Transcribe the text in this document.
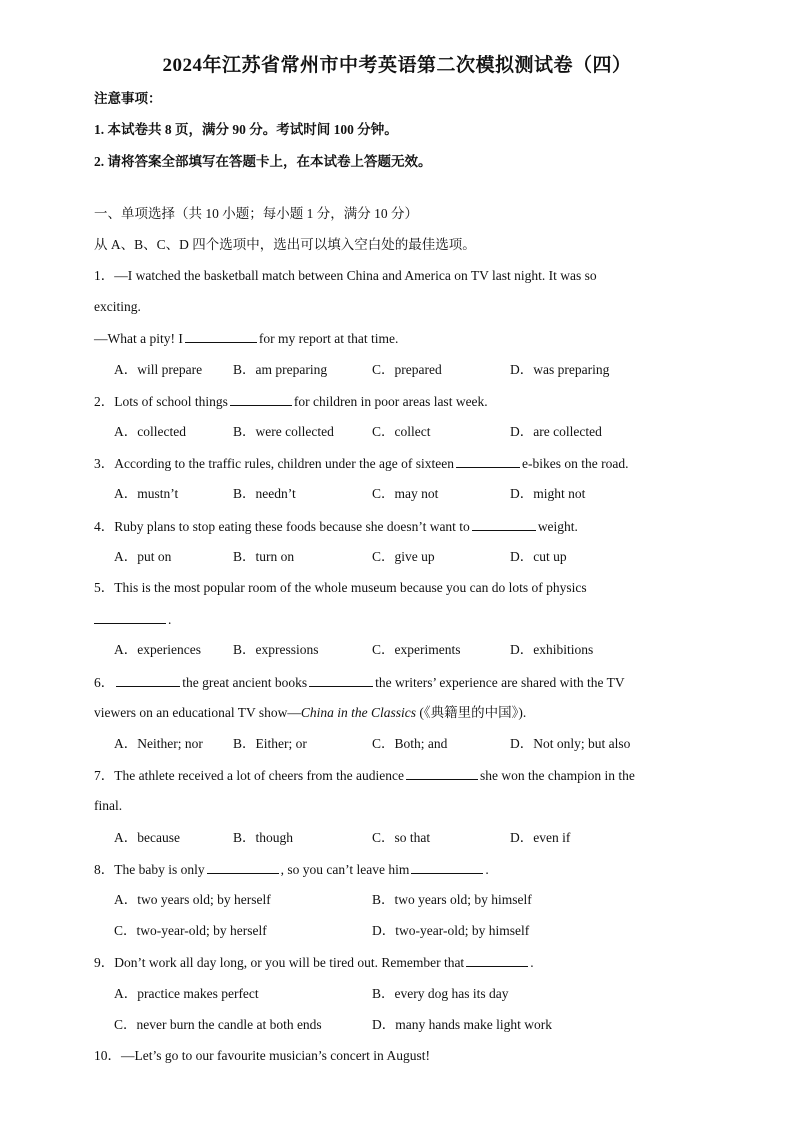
2024年江苏省常州市中考英语第二次模拟测试卷（四）
注意事项：
1. 本试卷共 8 页，满分 90 分。考试时间 100 分钟。
2. 请将答案全部填写在答题卡上，在本试卷上答题无效。
一、单项选择（共 10 小题；每小题 1 分，满分 10 分）
从 A、B、C、D 四个选项中，选出可以填入空白处的最佳选项。
1．—I watched the basketball match between China and America on TV last night. It was so
exciting.
—What a pity! I	for my report at that time.
A．will prepare B．am preparing	C．prepared	D．was preparing
2．Lots of school things	for children in poor areas last week.
A．collected	B．were collected	C．collect	D．are collected
3．According to the traffic rules, children under the age of sixteen	e-bikes on the road.
A．mustn’t	B．needn’t	C．may not	D．might not
4．Ruby plans to stop eating these foods because she doesn’t want to	weight.
A．put on	B．turn on	C．give up	D．cut up
5．This is the most popular room of the whole museum because you can do lots of physics
.
A．experiences B．expressions	C．experiments	D．exhibitions
6．	the great ancient books	the writers’ experience are shared with the TV
viewers on an educational TV show—China in the Classics (《典籍里的中国》).
A．Neither; nor B．Either; or	C．Both; and	D．Not only; but also
7．The athlete received a lot of cheers from the audience	she won the champion in the
final.
A．because	B．though	C．so that	D．even if
8．The baby is only	, so you can’t leave him	.
A．two years old; by herself	B．two years old; by himself
C．two-year-old; by herself	D．two-year-old; by himself
9．Don’t work all day long, or you will be tired out. Remember that	.
A．practice makes perfect	B．every dog has its day
C．never burn the candle at both ends	D．many hands make light work
10．—Let’s go to our favourite musician’s concert in August!
